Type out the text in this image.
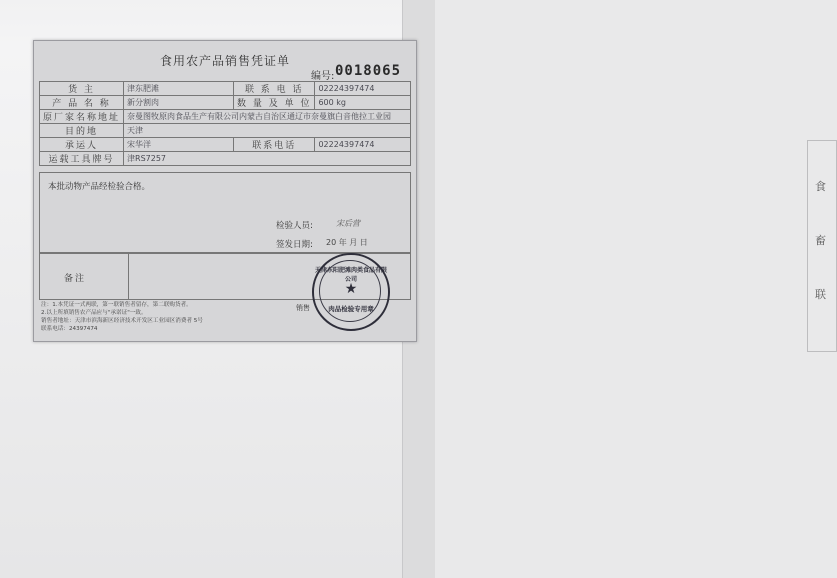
食
畜
联
食用农产品销售凭证单
编号: 0018065
货 主	津东肥滩	联 系 电 话	02224397474
产 品 名 称	新分割肉	数 量 及 单 位	600 kg
原厂家名称地址	奈曼图牧原肉食品生产有限公司内蒙古自治区通辽市奈曼旗白音他拉工业园		
目的地	天津		
承运人	宋华洋	联系电话	02224397474
运载工具牌号	津RS7257		
本批动物产品经检验合格。
检验人员:	宋后营
签发日期: 20 年 月 日
备注
注：1.本凭证一式两联，第一联销售者留存，第二联购货者。
2.以上所填销售农产品应与"承诺证"一致。
销售者地址：天津市滨海新区经济技术开发区工业园区消费者 5号
联系电话：24397474
销售
天津东阳肥滩肉类食品有限公司
★
肉品检验专用章
